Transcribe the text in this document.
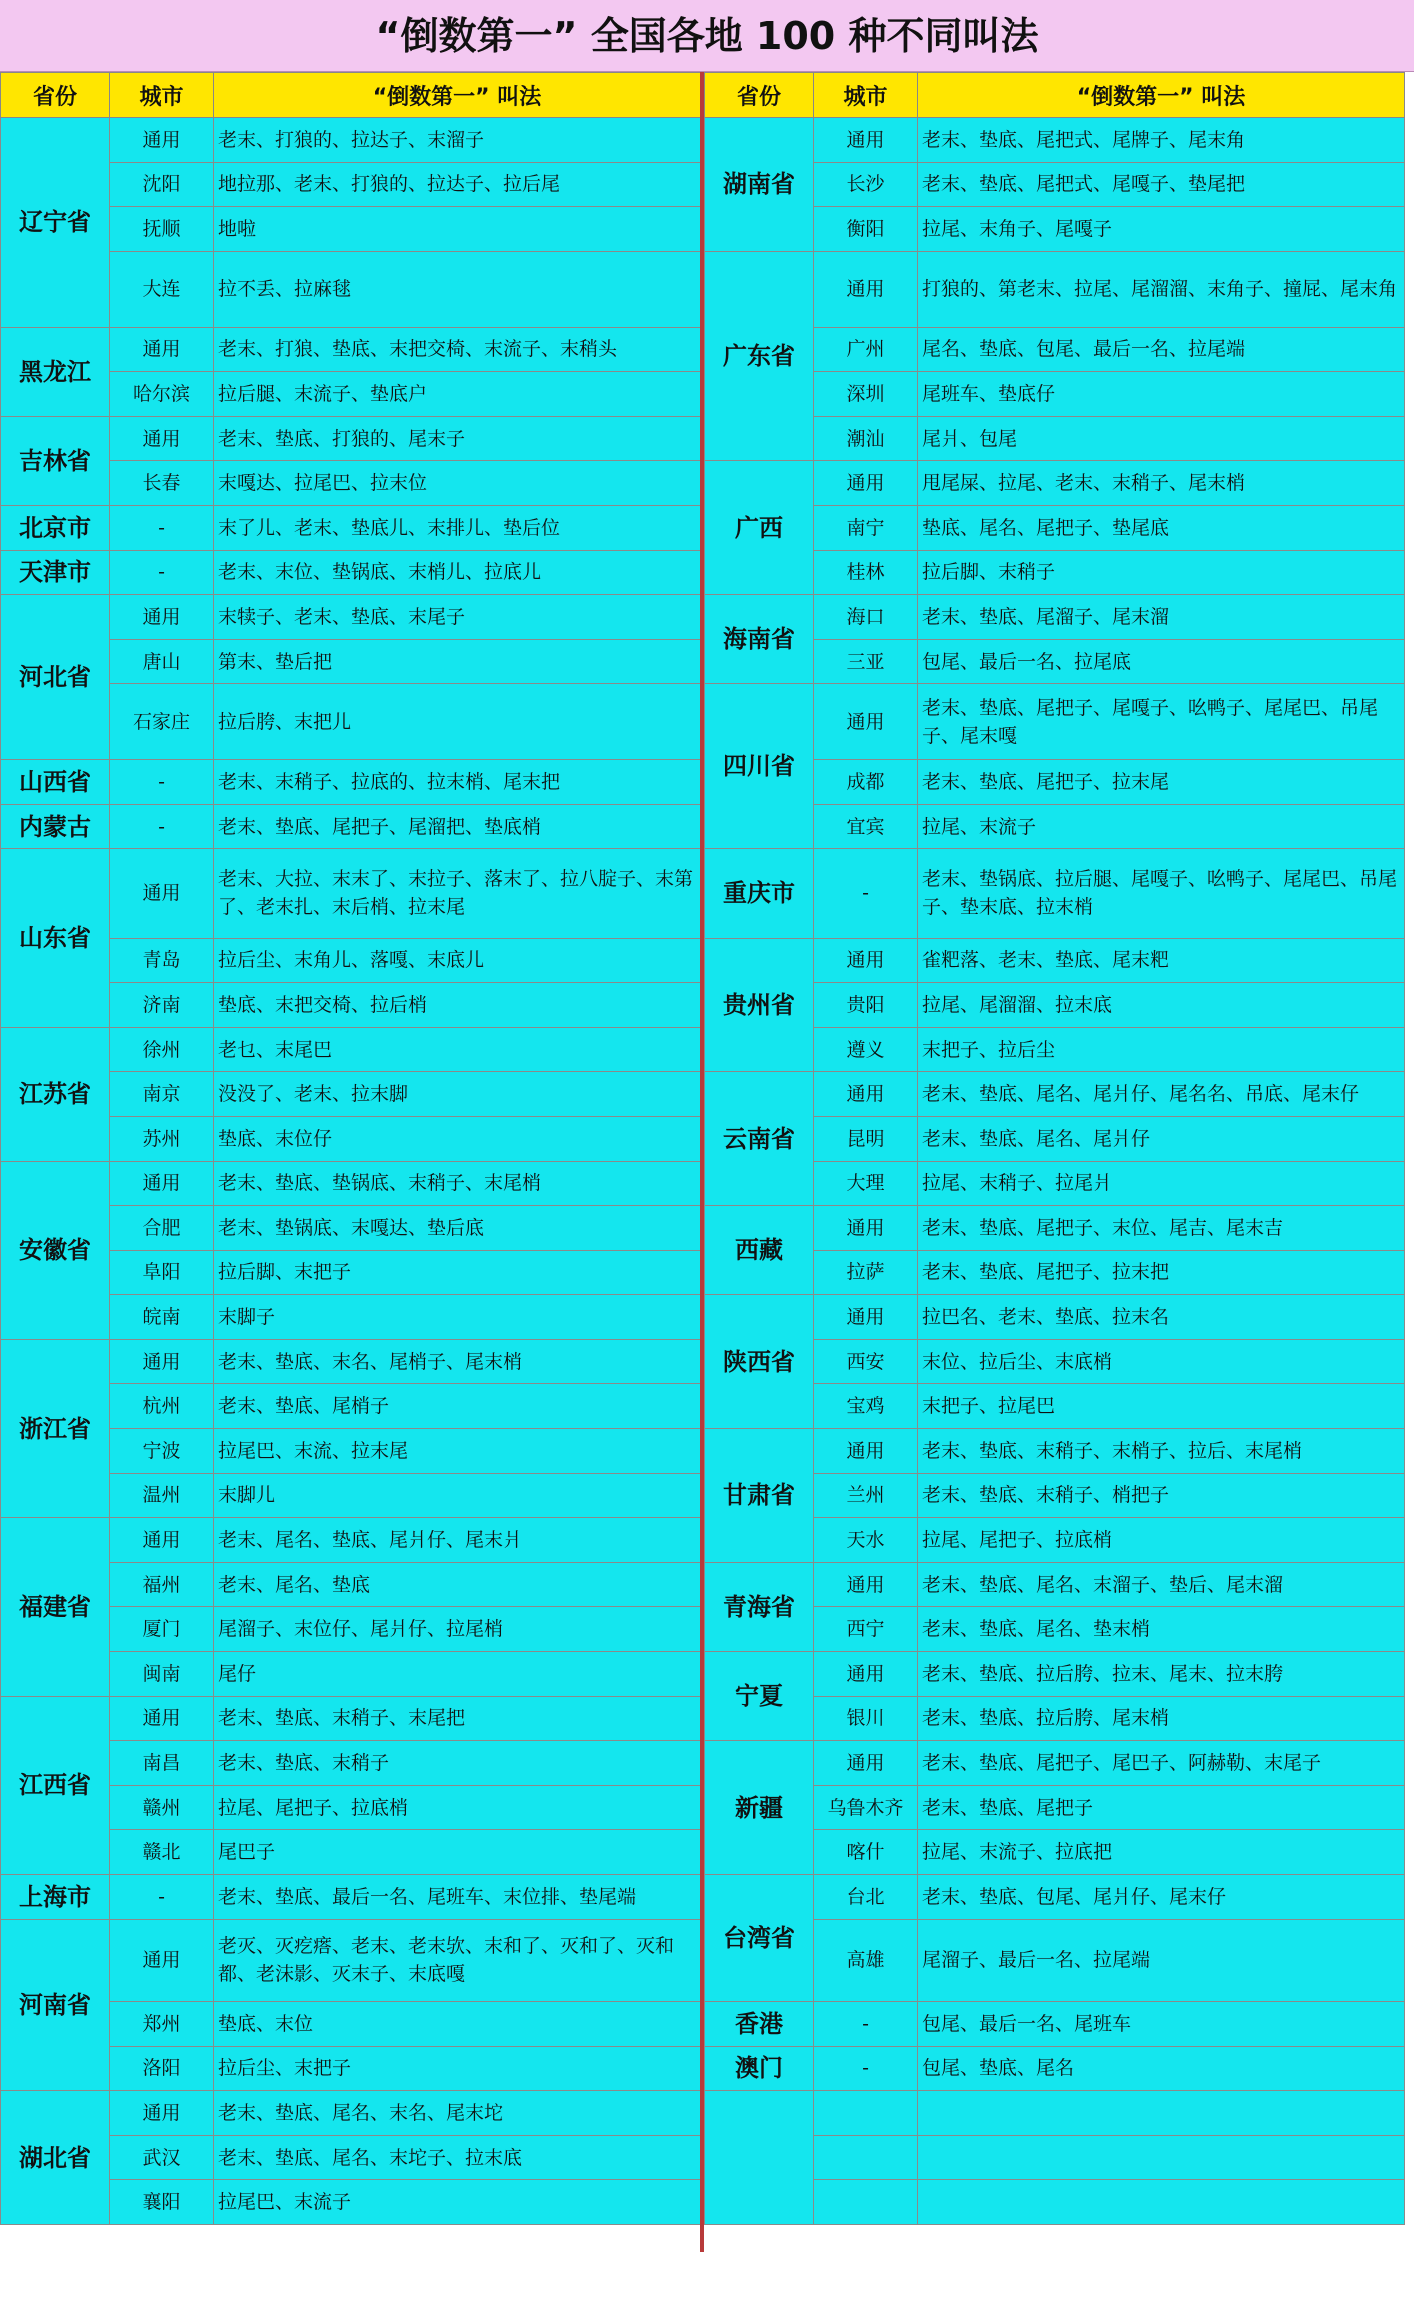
“倒数第一” 全国各地 100 种不同叫法
省份	城市	“倒数第一” 叫法
辽宁省	通用	老末、打狼的、拉达子、末溜子
	沈阳	地拉那、老末、打狼的、拉达子、拉后尾
	抚顺	地啦
	大连	拉不丢、拉麻毬
黑龙江	通用	老末、打狼、垫底、末把交椅、末流子、末稍头
	哈尔滨	拉后腿、末流子、垫底户
吉林省	通用	老末、垫底、打狼的、尾末子
	长春	末嘎达、拉尾巴、拉末位
北京市	-	末了儿、老末、垫底儿、末排儿、垫后位
天津市	-	老末、末位、垫锅底、末梢儿、拉底儿
河北省	通用	末犊子、老末、垫底、末尾子
	唐山	第末、垫后把
	石家庄	拉后胯、末把儿
山西省	-	老末、末稍子、拉底的、拉末梢、尾末把
内蒙古	-	老末、垫底、尾把子、尾溜把、垫底梢
山东省	通用	老末、大拉、末末了、末拉子、落末了、拉八腚子、末第了、老末扎、末后梢、拉末尾
	青岛	拉后尘、末角儿、落嘎、末底儿
	济南	垫底、末把交椅、拉后梢
江苏省	徐州	老乜、末尾巴
	南京	没没了、老末、拉末脚
	苏州	垫底、末位仔
安徽省	通用	老末、垫底、垫锅底、末稍子、末尾梢
	合肥	老末、垫锅底、末嘎达、垫后底
	阜阳	拉后脚、末把子
	皖南	末脚子
浙江省	通用	老末、垫底、末名、尾梢子、尾末梢
	杭州	老末、垫底、尾梢子
	宁波	拉尾巴、末流、拉末尾
	温州	末脚儿
福建省	通用	老末、尾名、垫底、尾爿仔、尾末爿
	福州	老末、尾名、垫底
	厦门	尾溜子、末位仔、尾爿仔、拉尾梢
	闽南	尾仔
江西省	通用	老末、垫底、末稍子、末尾把
	南昌	老末、垫底、末稍子
	赣州	拉尾、尾把子、拉底梢
	赣北	尾巴子
上海市	-	老末、垫底、最后一名、尾班车、末位排、垫尾端
河南省	通用	老灭、灭疙瘩、老末、老末欤、末和了、灭和了、灭和都、老沫影、灭末子、末底嘎
	郑州	垫底、末位
	洛阳	拉后尘、末把子
湖北省	通用	老末、垫底、尾名、末名、尾末坨
	武汉	老末、垫底、尾名、末坨子、拉末底
	襄阳	拉尾巴、末流子
省份	城市	“倒数第一” 叫法
湖南省	通用	老末、垫底、尾把式、尾牌子、尾末角
	长沙	老末、垫底、尾把式、尾嘎子、垫尾把
	衡阳	拉尾、末角子、尾嘎子
广东省	通用	打狼的、第老末、拉尾、尾溜溜、末角子、撞屁、尾末角
	广州	尾名、垫底、包尾、最后一名、拉尾端
	深圳	尾班车、垫底仔
	潮汕	尾爿、包尾
广西	通用	甩尾屎、拉尾、老末、末稍子、尾末梢
	南宁	垫底、尾名、尾把子、垫尾底
	桂林	拉后脚、末稍子
海南省	海口	老末、垫底、尾溜子、尾末溜
	三亚	包尾、最后一名、拉尾底
四川省	通用	老末、垫底、尾把子、尾嘎子、吆鸭子、尾尾巴、吊尾子、尾末嘎
	成都	老末、垫底、尾把子、拉末尾
	宜宾	拉尾、末流子
重庆市	-	老末、垫锅底、拉后腿、尾嘎子、吆鸭子、尾尾巴、吊尾子、垫末底、拉末梢
贵州省	通用	雀粑落、老末、垫底、尾末粑
	贵阳	拉尾、尾溜溜、拉末底
	遵义	末把子、拉后尘
云南省	通用	老末、垫底、尾名、尾爿仔、尾名名、吊底、尾末仔
	昆明	老末、垫底、尾名、尾爿仔
	大理	拉尾、末稍子、拉尾爿
西藏	通用	老末、垫底、尾把子、末位、尾吉、尾末吉
	拉萨	老末、垫底、尾把子、拉末把
陕西省	通用	拉巴名、老末、垫底、拉末名
	西安	末位、拉后尘、末底梢
	宝鸡	末把子、拉尾巴
甘肃省	通用	老末、垫底、末稍子、末梢子、拉后、末尾梢
	兰州	老末、垫底、末稍子、梢把子
	天水	拉尾、尾把子、拉底梢
青海省	通用	老末、垫底、尾名、末溜子、垫后、尾末溜
	西宁	老末、垫底、尾名、垫末梢
宁夏	通用	老末、垫底、拉后胯、拉末、尾末、拉末胯
	银川	老末、垫底、拉后胯、尾末梢
新疆	通用	老末、垫底、尾把子、尾巴子、阿赫勒、末尾子
	乌鲁木齐	老末、垫底、尾把子
	喀什	拉尾、末流子、拉底把
台湾省	台北	老末、垫底、包尾、尾爿仔、尾末仔
	高雄	尾溜子、最后一名、拉尾端
香港	-	包尾、最后一名、尾班车
澳门	-	包尾、垫底、尾名
